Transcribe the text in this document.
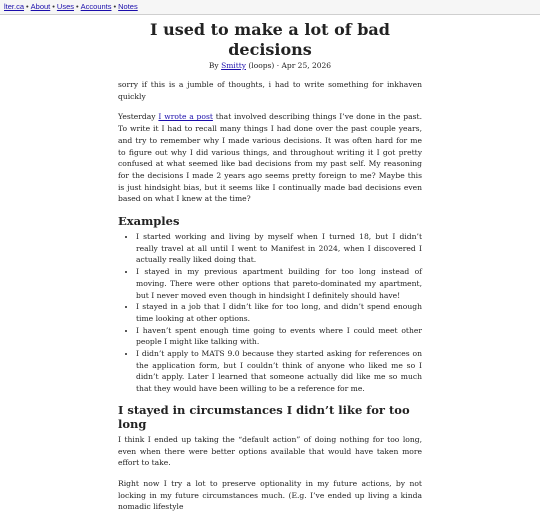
lter.ca • About • Uses • Accounts • Notes
I used to make a lot of bad decisions
By Smitty (loops) · Apr 25, 2026

sorry if this is a jumble of thoughts, i had to write something for inkhaven quickly

Yesterday I wrote a post that involved describing things I’ve done in the past. To write it I had to recall many things I had done over the past couple years, and try to remember why I made various decisions. It was often hard for me to figure out why I did various things, and throughout writing it I got pretty confused at what seemed like bad decisions from my past self. My reasoning for the decisions I made 2 years ago seems pretty foreign to me? Maybe this is just hindsight bias, but it seems like I continually made bad decisions even based on what I knew at the time?

Examples
• I started working and living by myself when I turned 18, but I didn’t really travel at all until I went to Manifest in 2024, when I discovered I actually really liked doing that.
• I stayed in my previous apartment building for too long instead of moving. There were other options that pareto-dominated my apartment, but I never moved even though in hindsight I definitely should have!
• I stayed in a job that I didn’t like for too long, and didn’t spend enough time looking at other options.
• I haven’t spent enough time going to events where I could meet other people I might like talking with.
• I didn’t apply to MATS 9.0 because they started asking for references on the application form, but I couldn’t think of anyone who liked me so I didn’t apply. Later I learned that someone actually did like me so much that they would have been willing to be a reference for me.
I stayed in circumstances I didn’t like for too long

I think I ended up taking the “default action” of doing nothing for too long, even when there were better options available that would have taken more effort to take.

Right now I try a lot to preserve optionality in my future actions, by not locking in my future circumstances much. (E.g. I’ve ended up living a kinda nomadic lifestyle
